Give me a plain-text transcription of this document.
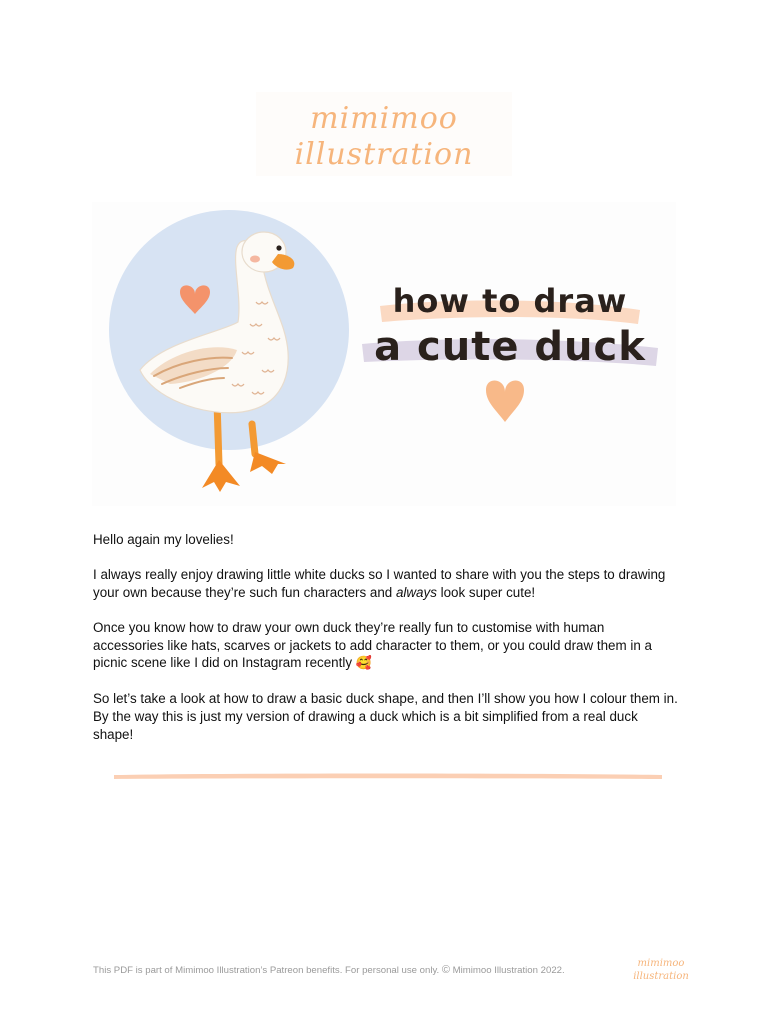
mimimoo
illustration
how to draw
a cute duck

Hello again my lovelies!

I always really enjoy drawing little white ducks so I wanted to share with you the steps to drawing your own because they’re such fun characters and always look super cute!

Once you know how to draw your own duck they’re really fun to customise with human accessories like hats, scarves or jackets to add character to them, or you could draw them in a picnic scene like I did on Instagram recently 🥰

So let’s take a look at how to draw a basic duck shape, and then I’ll show you how I colour them in. By the way this is just my version of drawing a duck which is a bit simplified from a real duck shape!

This PDF is part of Mimimoo Illustration’s Patreon benefits. For personal use only. © Mimimoo Illustration 2022.
mimimoo
illustration
